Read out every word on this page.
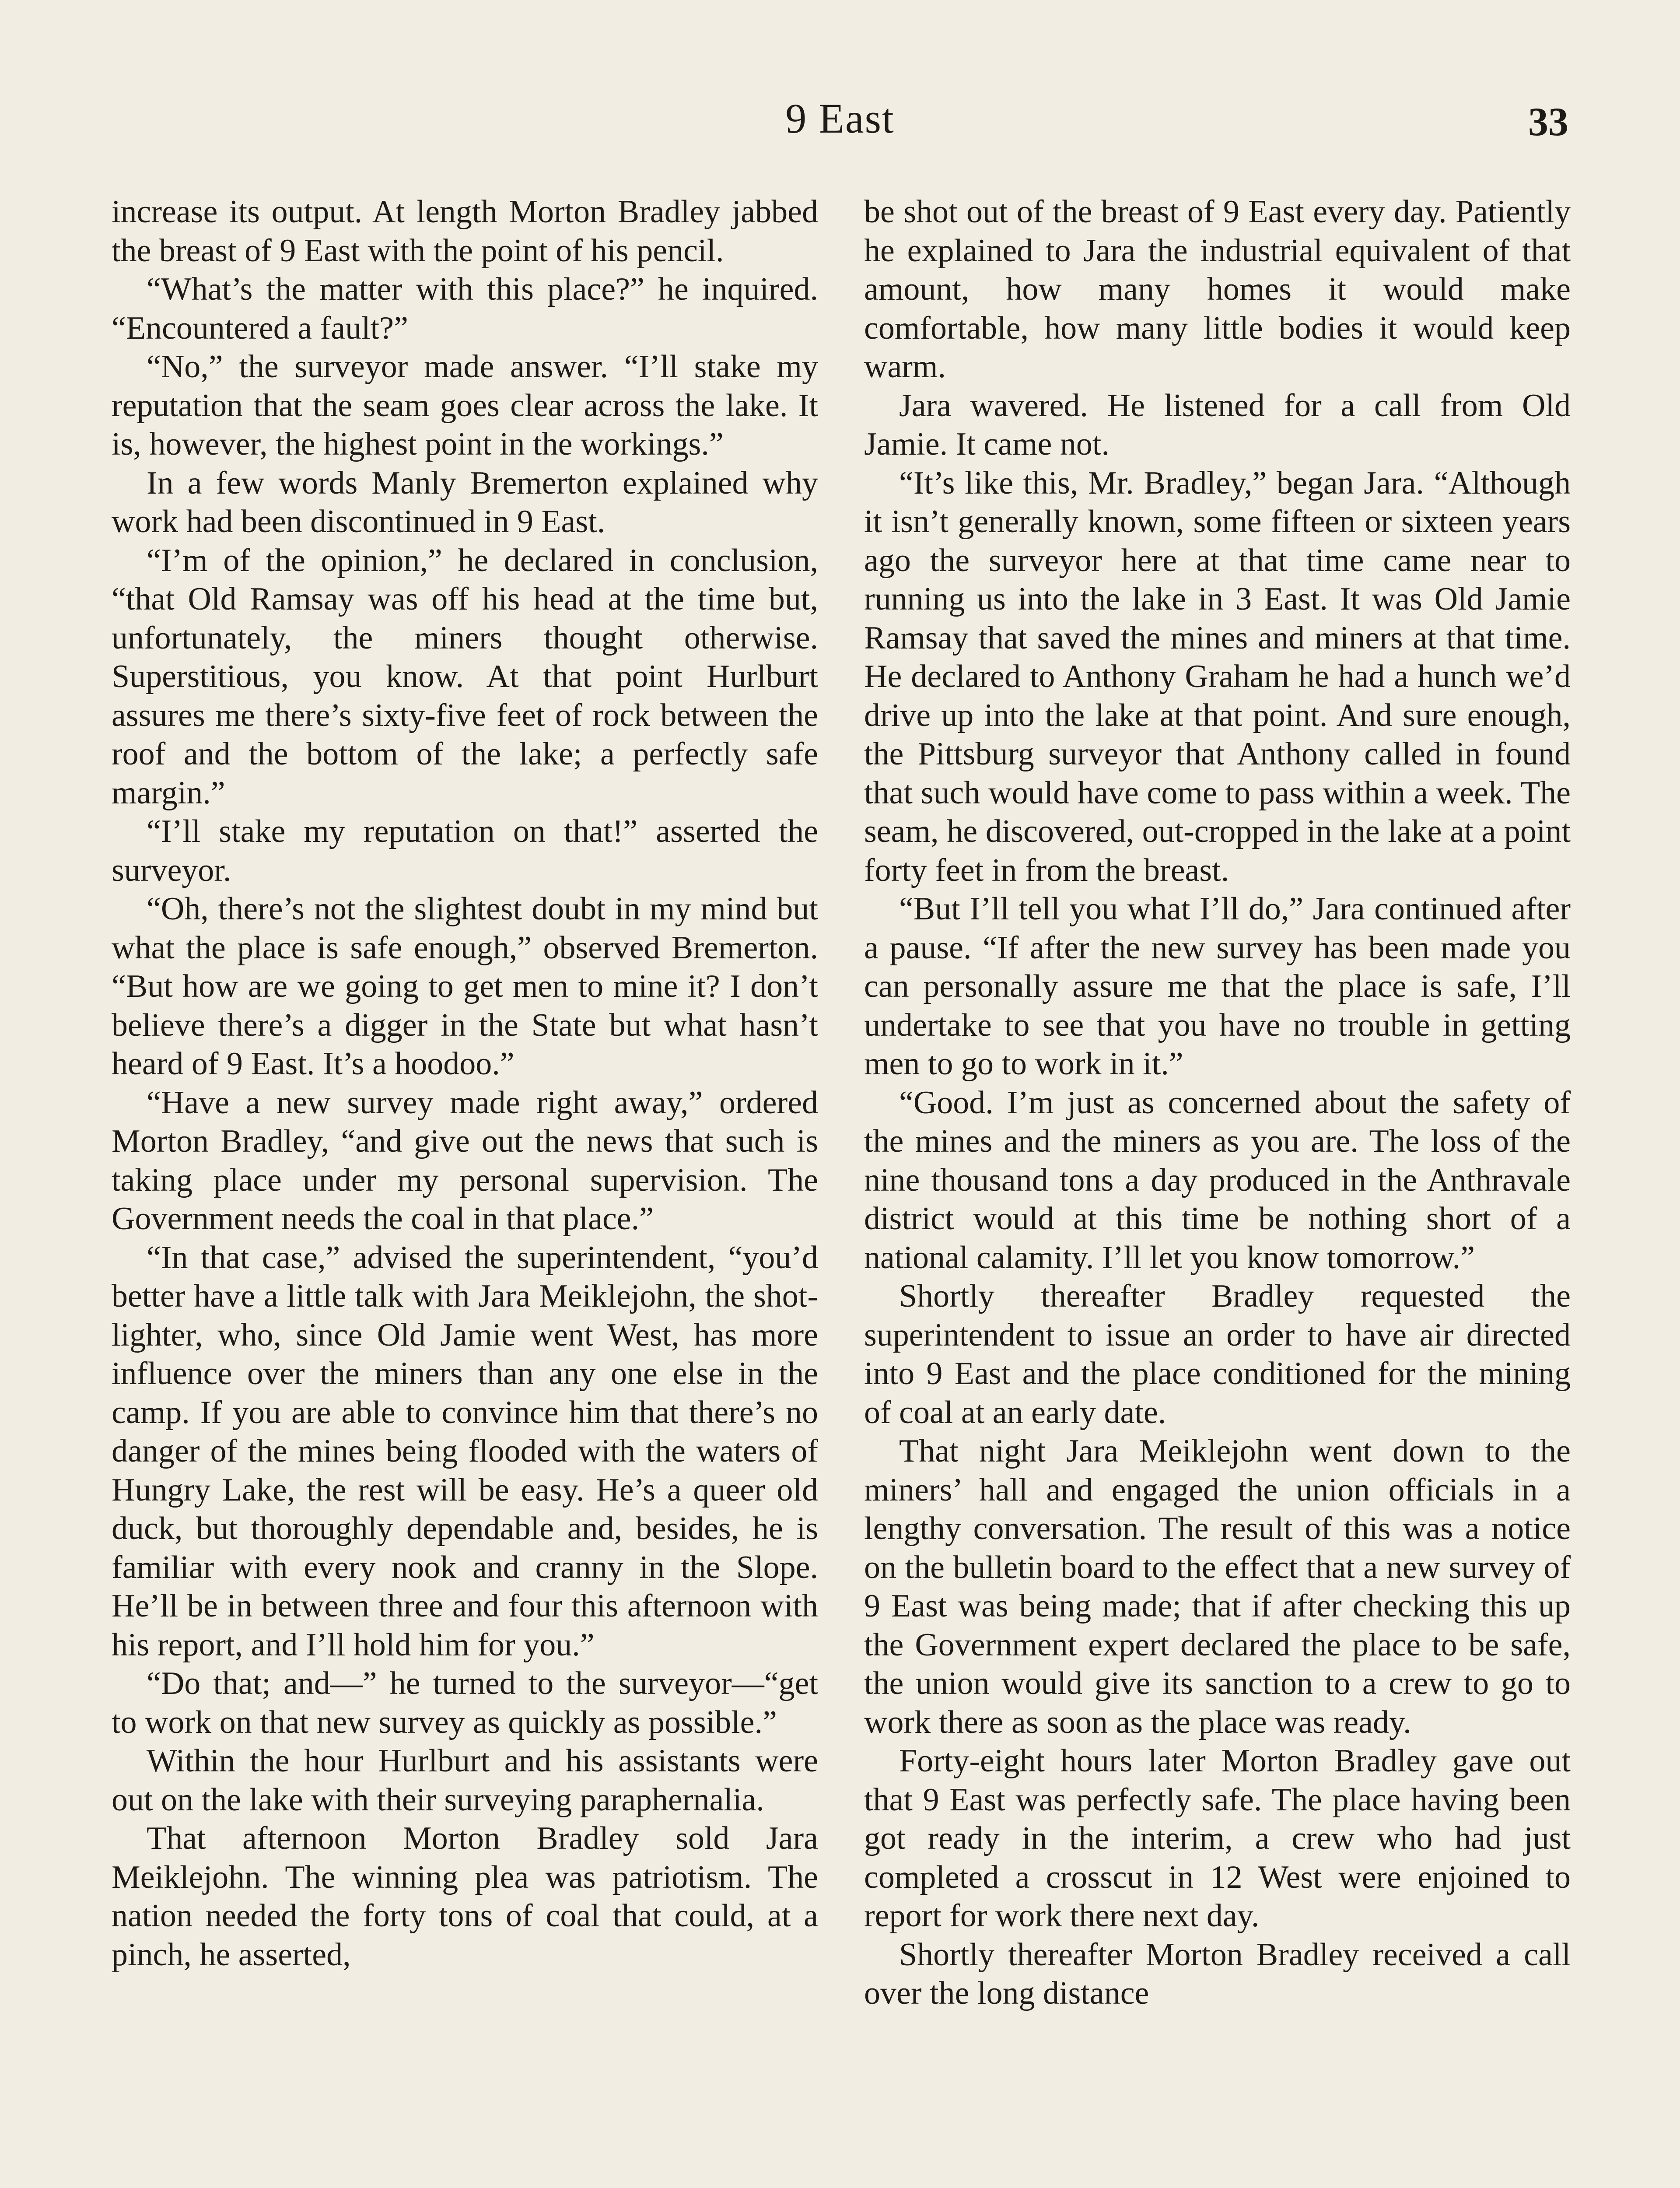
9 East	33

increase its output. At length Morton Bradley jabbed the breast of 9 East with the point of his pencil.

“What’s the matter with this place?” he inquired. “Encountered a fault?”

“No,” the surveyor made answer. “I’ll stake my reputation that the seam goes clear across the lake. It is, however, the highest point in the workings.”

In a few words Manly Bremerton explained why work had been discontinued in 9 East.

“I’m of the opinion,” he declared in conclusion, “that Old Ramsay was off his head at the time but, unfortunately, the miners thought otherwise. Superstitious, you know. At that point Hurlburt assures me there’s sixty-five feet of rock between the roof and the bottom of the lake; a perfectly safe margin.”

“I’ll stake my reputation on that!” asserted the surveyor.

“Oh, there’s not the slightest doubt in my mind but what the place is safe enough,” observed Bremerton. “But how are we going to get men to mine it? I don’t believe there’s a digger in the State but what hasn’t heard of 9 East. It’s a hoodoo.”

“Have a new survey made right away,” ordered Morton Bradley, “and give out the news that such is taking place under my personal supervision. The Government needs the coal in that place.”

“In that case,” advised the superintendent, “you’d better have a little talk with Jara Meiklejohn, the shot-lighter, who, since Old Jamie went West, has more influence over the miners than any one else in the camp. If you are able to convince him that there’s no danger of the mines being flooded with the waters of Hungry Lake, the rest will be easy. He’s a queer old duck, but thoroughly dependable and, besides, he is familiar with every nook and cranny in the Slope. He’ll be in between three and four this afternoon with his report, and I’ll hold him for you.”

“Do that; and—” he turned to the surveyor—“get to work on that new survey as quickly as possible.”

Within the hour Hurlburt and his assistants were out on the lake with their surveying paraphernalia.

That afternoon Morton Bradley sold Jara Meiklejohn. The winning plea was patriotism. The nation needed the forty tons of coal that could, at a pinch, he asserted,

be shot out of the breast of 9 East every day. Patiently he explained to Jara the industrial equivalent of that amount, how many homes it would make comfortable, how many little bodies it would keep warm.

Jara wavered. He listened for a call from Old Jamie. It came not.

“It’s like this, Mr. Bradley,” began Jara. “Although it isn’t generally known, some fifteen or sixteen years ago the surveyor here at that time came near to running us into the lake in 3 East. It was Old Jamie Ramsay that saved the mines and miners at that time. He declared to Anthony Graham he had a hunch we’d drive up into the lake at that point. And sure enough, the Pittsburg surveyor that Anthony called in found that such would have come to pass within a week. The seam, he discovered, out-cropped in the lake at a point forty feet in from the breast.

“But I’ll tell you what I’ll do,” Jara continued after a pause. “If after the new survey has been made you can personally assure me that the place is safe, I’ll undertake to see that you have no trouble in getting men to go to work in it.”

“Good. I’m just as concerned about the safety of the mines and the miners as you are. The loss of the nine thousand tons a day produced in the Anthravale district would at this time be nothing short of a national calamity. I’ll let you know tomorrow.”

Shortly thereafter Bradley requested the superintendent to issue an order to have air directed into 9 East and the place conditioned for the mining of coal at an early date.

That night Jara Meiklejohn went down to the miners’ hall and engaged the union officials in a lengthy conversation. The result of this was a notice on the bulletin board to the effect that a new survey of 9 East was being made; that if after checking this up the Government expert declared the place to be safe, the union would give its sanction to a crew to go to work there as soon as the place was ready.

Forty-eight hours later Morton Bradley gave out that 9 East was perfectly safe. The place having been got ready in the interim, a crew who had just completed a crosscut in 12 West were enjoined to report for work there next day.

Shortly thereafter Morton Bradley received a call over the long distance
